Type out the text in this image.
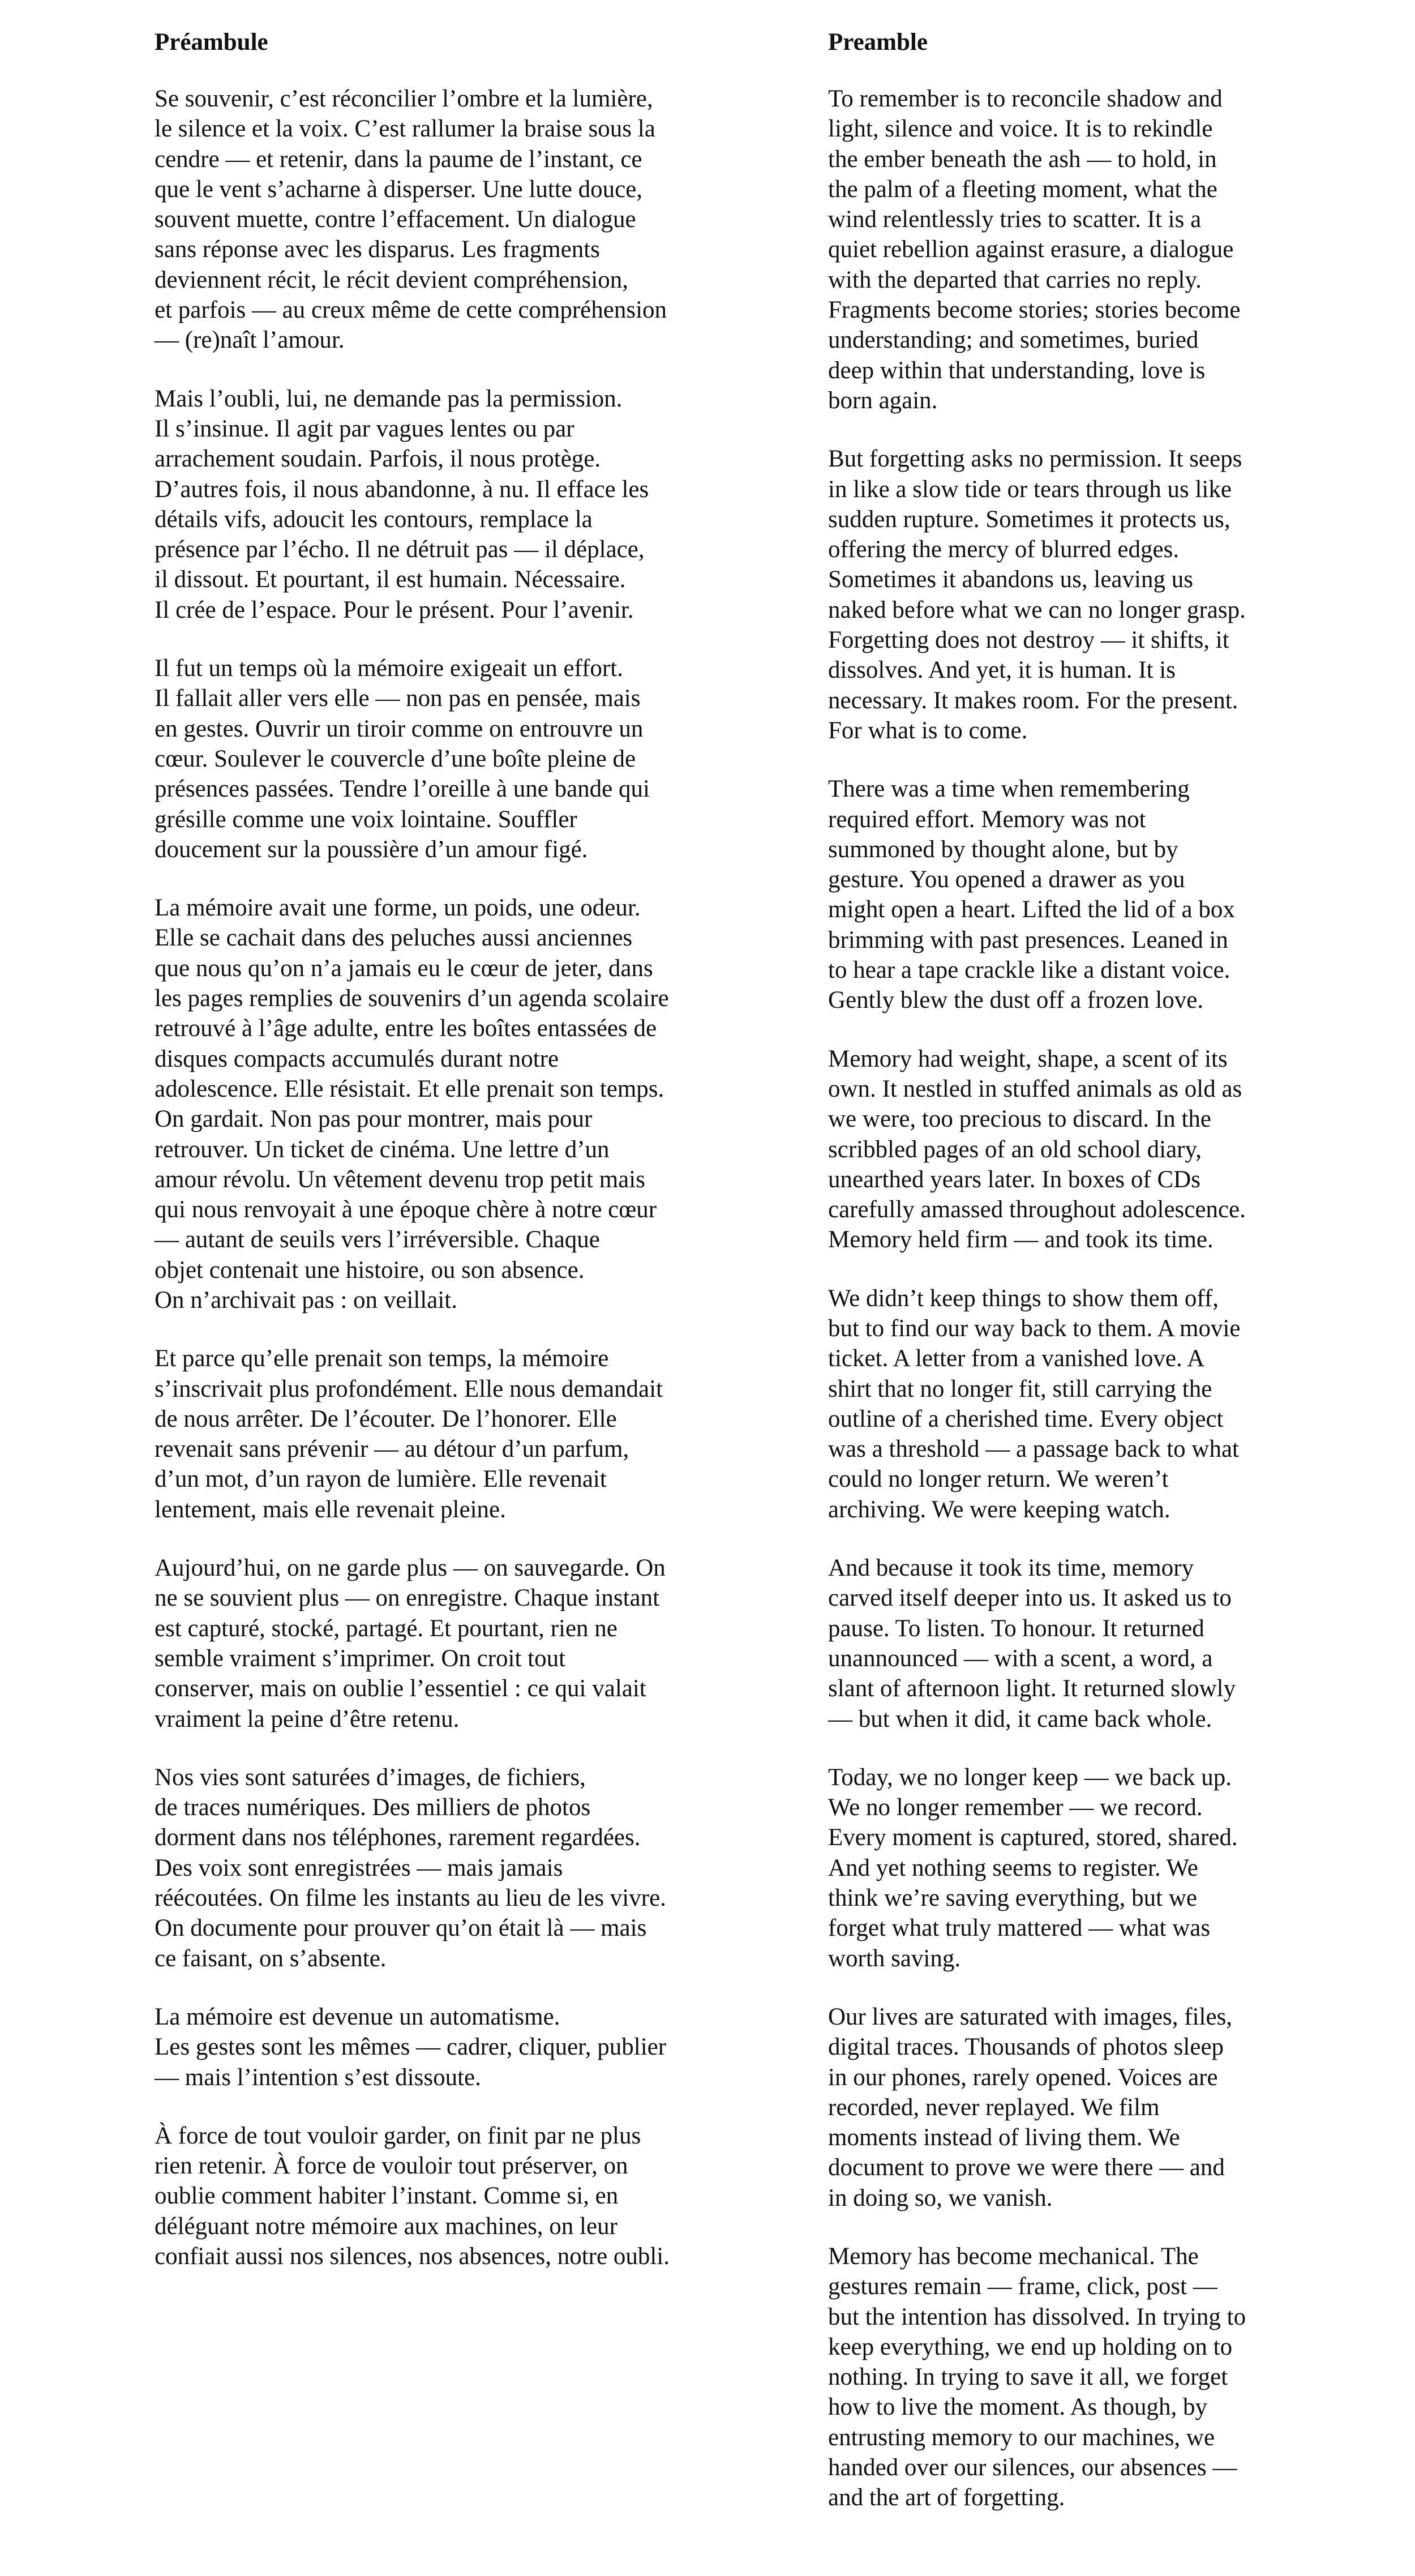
Préambule
Se souvenir, c’est réconcilier l’ombre et la lumière,
le silence et la voix. C’est rallumer la braise sous la
cendre — et retenir, dans la paume de l’instant, ce
que le vent s’acharne à disperser. Une lutte douce,
souvent muette, contre l’effacement. Un dialogue
sans réponse avec les disparus. Les fragments
deviennent récit, le récit devient compréhension,
et parfois — au creux même de cette compréhension
— (re)naît l’amour.
Mais l’oubli, lui, ne demande pas la permission.
Il s’insinue. Il agit par vagues lentes ou par
arrachement soudain. Parfois, il nous protège.
D’autres fois, il nous abandonne, à nu. Il efface les
détails vifs, adoucit les contours, remplace la
présence par l’écho. Il ne détruit pas — il déplace,
il dissout. Et pourtant, il est humain. Nécessaire.
Il crée de l’espace. Pour le présent. Pour l’avenir.
Il fut un temps où la mémoire exigeait un effort.
Il fallait aller vers elle — non pas en pensée, mais
en gestes. Ouvrir un tiroir comme on entrouvre un
cœur. Soulever le couvercle d’une boîte pleine de
présences passées. Tendre l’oreille à une bande qui
grésille comme une voix lointaine. Souffler
doucement sur la poussière d’un amour figé.
La mémoire avait une forme, un poids, une odeur.
Elle se cachait dans des peluches aussi anciennes
que nous qu’on n’a jamais eu le cœur de jeter, dans
les pages remplies de souvenirs d’un agenda scolaire
retrouvé à l’âge adulte, entre les boîtes entassées de
disques compacts accumulés durant notre
adolescence. Elle résistait. Et elle prenait son temps.
On gardait. Non pas pour montrer, mais pour
retrouver. Un ticket de cinéma. Une lettre d’un
amour révolu. Un vêtement devenu trop petit mais
qui nous renvoyait à une époque chère à notre cœur
— autant de seuils vers l’irréversible. Chaque
objet contenait une histoire, ou son absence.
On n’archivait pas : on veillait.
Et parce qu’elle prenait son temps, la mémoire
s’inscrivait plus profondément. Elle nous demandait
de nous arrêter. De l’écouter. De l’honorer. Elle
revenait sans prévenir — au détour d’un parfum,
d’un mot, d’un rayon de lumière. Elle revenait
lentement, mais elle revenait pleine.
Aujourd’hui, on ne garde plus — on sauvegarde. On
ne se souvient plus — on enregistre. Chaque instant
est capturé, stocké, partagé. Et pourtant, rien ne
semble vraiment s’imprimer. On croit tout
conserver, mais on oublie l’essentiel : ce qui valait
vraiment la peine d’être retenu.
Nos vies sont saturées d’images, de fichiers,
de traces numériques. Des milliers de photos
dorment dans nos téléphones, rarement regardées.
Des voix sont enregistrées — mais jamais
réécoutées. On filme les instants au lieu de les vivre.
On documente pour prouver qu’on était là — mais
ce faisant, on s’absente.
La mémoire est devenue un automatisme.
Les gestes sont les mêmes — cadrer, cliquer, publier
— mais l’intention s’est dissoute.
À force de tout vouloir garder, on finit par ne plus
rien retenir. À force de vouloir tout préserver, on
oublie comment habiter l’instant. Comme si, en
déléguant notre mémoire aux machines, on leur
confiait aussi nos silences, nos absences, notre oubli.
Preamble
To remember is to reconcile shadow and
light, silence and voice. It is to rekindle
the ember beneath the ash — to hold, in
the palm of a fleeting moment, what the
wind relentlessly tries to scatter. It is a
quiet rebellion against erasure, a dialogue
with the departed that carries no reply.
Fragments become stories; stories become
understanding; and sometimes, buried
deep within that understanding, love is
born again.
But forgetting asks no permission. It seeps
in like a slow tide or tears through us like
sudden rupture. Sometimes it protects us,
offering the mercy of blurred edges.
Sometimes it abandons us, leaving us
naked before what we can no longer grasp.
Forgetting does not destroy — it shifts, it
dissolves. And yet, it is human. It is
necessary. It makes room. For the present.
For what is to come.
There was a time when remembering
required effort. Memory was not
summoned by thought alone, but by
gesture. You opened a drawer as you
might open a heart. Lifted the lid of a box
brimming with past presences. Leaned in
to hear a tape crackle like a distant voice.
Gently blew the dust off a frozen love.
Memory had weight, shape, a scent of its
own. It nestled in stuffed animals as old as
we were, too precious to discard. In the
scribbled pages of an old school diary,
unearthed years later. In boxes of CDs
carefully amassed throughout adolescence.
Memory held firm — and took its time.
We didn’t keep things to show them off,
but to find our way back to them. A movie
ticket. A letter from a vanished love. A
shirt that no longer fit, still carrying the
outline of a cherished time. Every object
was a threshold — a passage back to what
could no longer return. We weren’t
archiving. We were keeping watch.
And because it took its time, memory
carved itself deeper into us. It asked us to
pause. To listen. To honour. It returned
unannounced — with a scent, a word, a
slant of afternoon light. It returned slowly
— but when it did, it came back whole.
Today, we no longer keep — we back up.
We no longer remember — we record.
Every moment is captured, stored, shared.
And yet nothing seems to register. We
think we’re saving everything, but we
forget what truly mattered — what was
worth saving.
Our lives are saturated with images, files,
digital traces. Thousands of photos sleep
in our phones, rarely opened. Voices are
recorded, never replayed. We film
moments instead of living them. We
document to prove we were there — and
in doing so, we vanish.
Memory has become mechanical. The
gestures remain — frame, click, post —
but the intention has dissolved. In trying to
keep everything, we end up holding on to
nothing. In trying to save it all, we forget
how to live the moment. As though, by
entrusting memory to our machines, we
handed over our silences, our absences —
and the art of forgetting.
